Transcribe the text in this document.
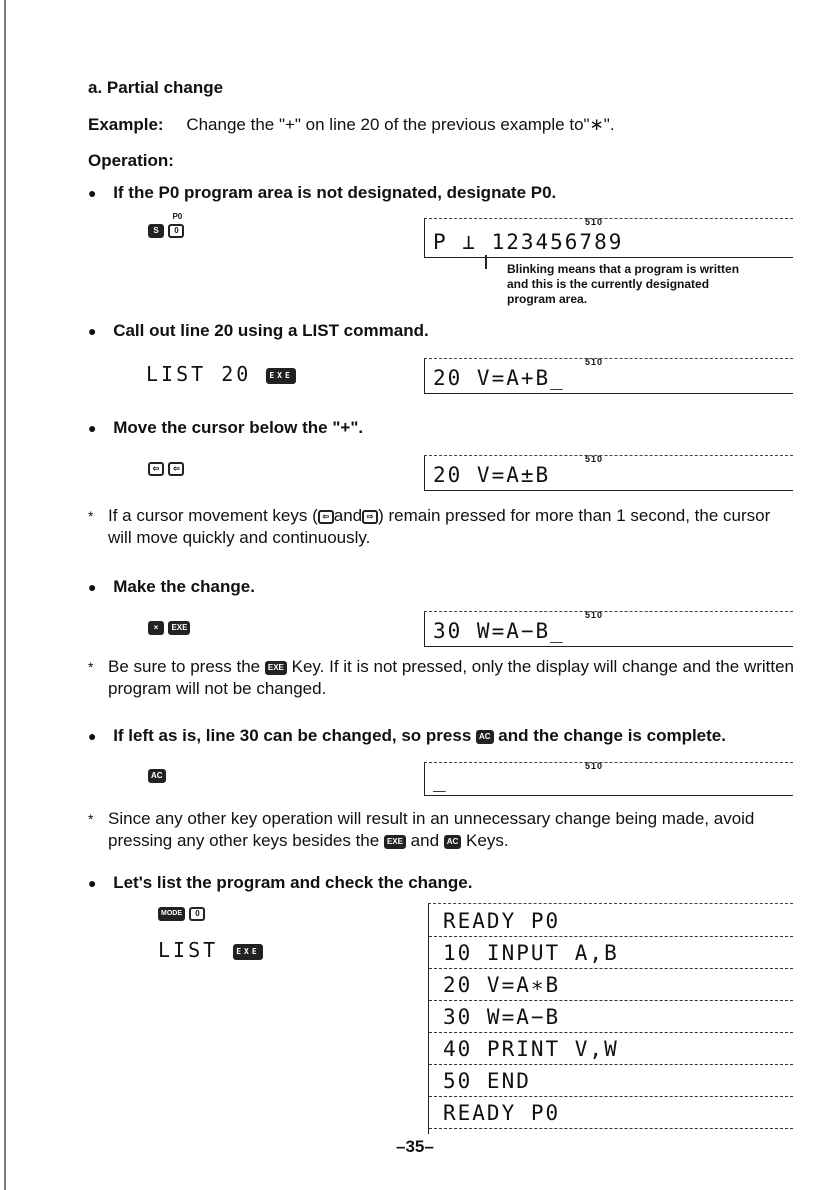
a. Partial change
Example: Change the "+" on line 20 of the previous example to"∗".
Operation:
● If the P0 program area is not designated, designate P0.
S $\frac{P0}{0}$	510
P ⊥ 123456789
Blinking means that a program is written and this is the currently designated program area.
● Call out line 20 using a LIST command.
LIST 20 EXE
510
20 V=A+B_
● Move the cursor below the "+".
⇦ ⇦
510
20 V=A±B
* If a cursor movement keys ( ⇦ and ⇨ ) remain pressed for more than 1 second, the cursor will move quickly and continuously.
● Make the change.
× EXE
510
30 W=A−B_
* Be sure to press the EXE Key. If it is not pressed, only the display will change and the written program will not be changed.
● If left as is, line 30 can be changed, so press AC and the change is complete.
AC
510
_
* Since any other key operation will result in an unnecessary change being made, avoid pressing any other keys besides the EXE and AC Keys.
● Let's list the program and check the change.
MODE 0
LIST EXE
READY P0
10 INPUT A,B
20 V=A∗B
30 W=A−B
40 PRINT V,W
50 END
READY P0
–35–
